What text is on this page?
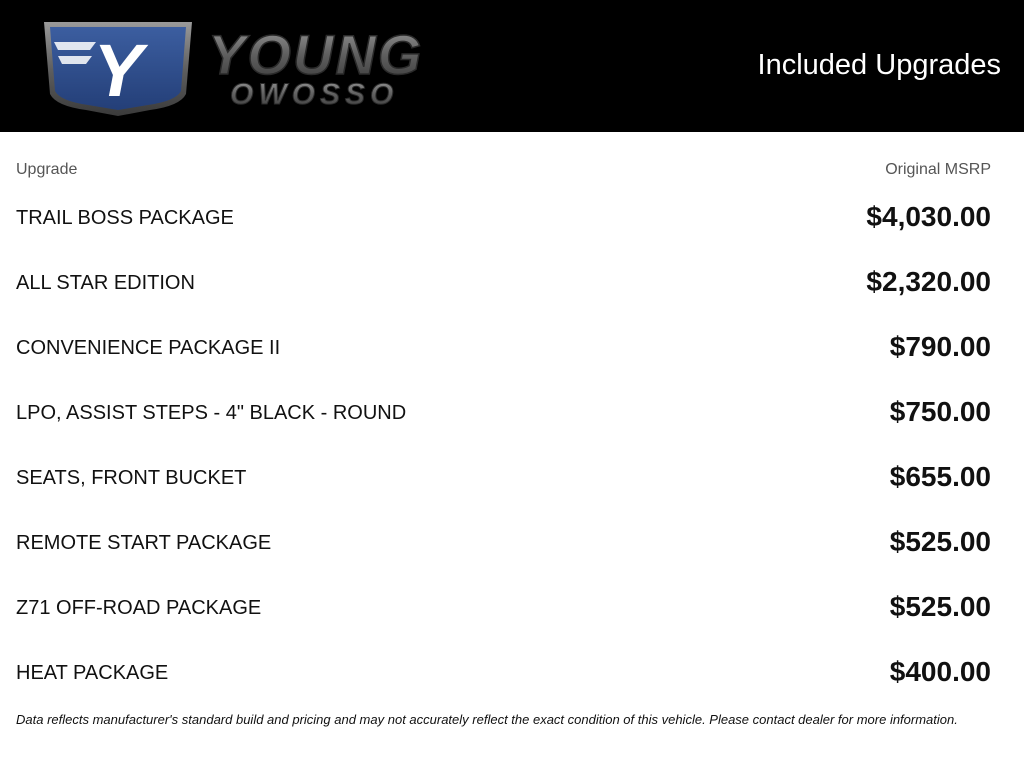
Y YOUNG
OWOSSO
Included Upgrades
Upgrade	Original MSRP
TRAIL BOSS PACKAGE	$4,030.00
ALL STAR EDITION	$2,320.00
CONVENIENCE PACKAGE II	$790.00
LPO, ASSIST STEPS - 4" BLACK - ROUND	$750.00
SEATS, FRONT BUCKET	$655.00
REMOTE START PACKAGE	$525.00
Z71 OFF-ROAD PACKAGE	$525.00
HEAT PACKAGE	$400.00
Data reflects manufacturer's standard build and pricing and may not accurately reflect the exact condition of this vehicle. Please contact dealer for more information.
